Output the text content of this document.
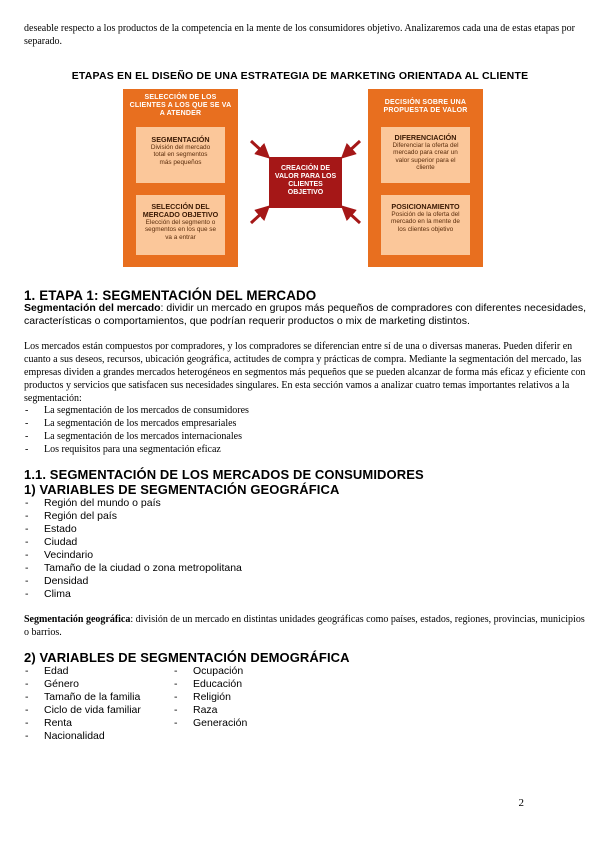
deseable respecto a los productos de la competencia en la mente de los consumidores objetivo. Analizaremos cada una de estas etapas por separado.
ETAPAS EN EL DISEÑO DE UNA ESTRATEGIA DE MARKETING ORIENTADA AL CLIENTE
SELECCIÓN DE LOS CLIENTES A LOS QUE SE VA A ATENDER
SEGMENTACIÓN
División del mercado total en segmentos más pequeños
SELECCIÓN DEL MERCADO OBJETIVO
Elección del segmento o segmentos en los que se va a entrar
DECISIÓN SOBRE UNA PROPUESTA DE VALOR
DIFERENCIACIÓN
Diferenciar la oferta del mercado para crear un valor superior para el cliente
POSICIONAMIENTO
Posición de la oferta del mercado en la mente de los clientes objetivo
CREACIÓN DE VALOR PARA LOS CLIENTES OBJETIVO
1. ETAPA 1: SEGMENTACIÓN DEL MERCADO
Segmentación del mercado: dividir un mercado en grupos más pequeños de compradores con diferentes necesidades, características o comportamientos, que podrían requerir productos o mix de marketing distintos.
Los mercados están compuestos por compradores, y los compradores se diferencian entre sí de una o diversas maneras. Pueden diferir en cuanto a sus deseos, recursos, ubicación geográfica, actitudes de compra y prácticas de compra. Mediante la segmentación del mercado, las empresas dividen a grandes mercados heterogéneos en segmentos más pequeños que se pueden alcanzar de forma más eficaz y eficiente con productos y servicios que satisfacen sus necesidades singulares. En esta sección vamos a analizar cuatro temas importantes relativos a la segmentación:
- La segmentación de los mercados de consumidores
- La segmentación de los mercados empresariales
- La segmentación de los mercados internacionales
- Los requisitos para una segmentación eficaz
1.1. SEGMENTACIÓN DE LOS MERCADOS DE CONSUMIDORES
1) VARIABLES DE SEGMENTACIÓN GEOGRÁFICA
- Región del mundo o país
- Región del país
- Estado
- Ciudad
- Vecindario
- Tamaño de la ciudad o zona metropolitana
- Densidad
- Clima
Segmentación geográfica: división de un mercado en distintas unidades geográficas como países, estados, regiones, provincias, municipios o barrios.
2) VARIABLES DE SEGMENTACIÓN DEMOGRÁFICA
- Edad
- Género
- Tamaño de la familia
- Ciclo de vida familiar
- Renta
- Nacionalidad
- Ocupación
- Educación
- Religión
- Raza
- Generación
2
